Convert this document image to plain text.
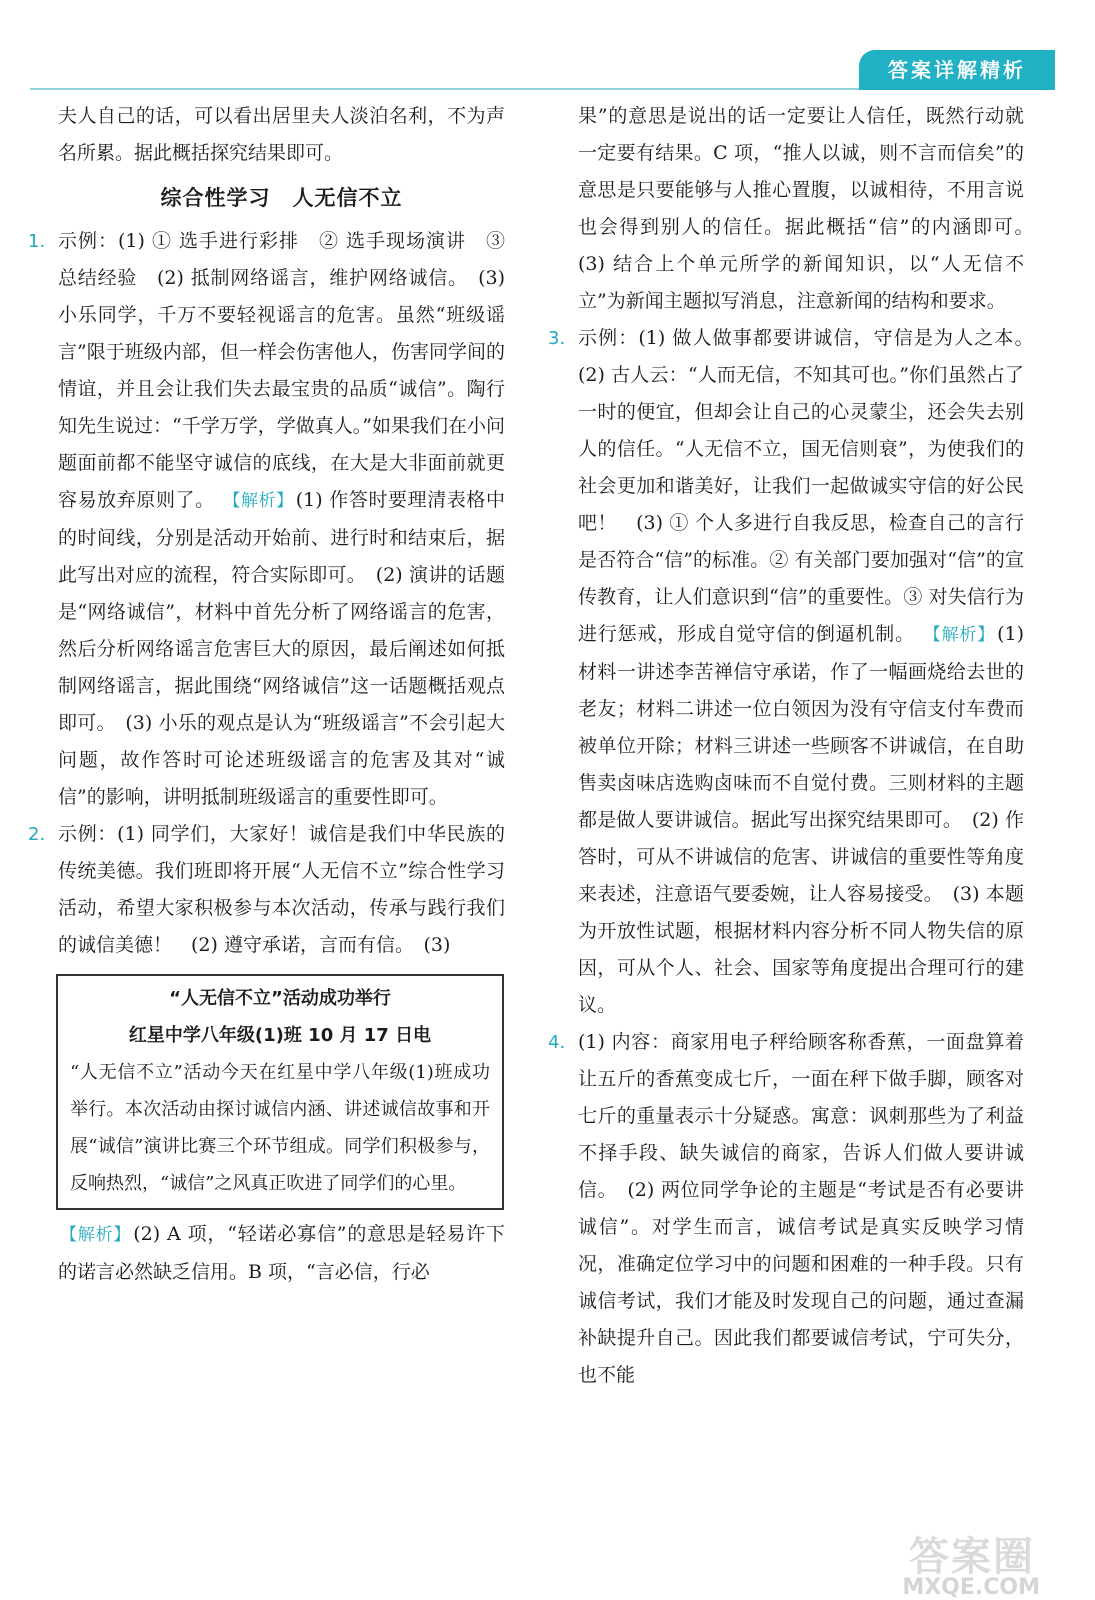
答案详解精析

夫人自己的话，可以看出居里夫人淡泊名利，不为声名所累。据此概括探究结果即可。

综合性学习　人无信不立
1. 示例：(1) ① 选手进行彩排　② 选手现场演讲　③ 总结经验　(2) 抵制网络谣言，维护网络诚信。　(3) 小乐同学，千万不要轻视谣言的危害。虽然“班级谣言”限于班级内部，但一样会伤害他人，伤害同学间的情谊，并且会让我们失去最宝贵的品质“诚信”。陶行知先生说过：“千学万学，学做真人。”如果我们在小问题面前都不能坚守诚信的底线，在大是大非面前就更容易放弃原则了。 【解析】 (1) 作答时要理清表格中的时间线，分别是活动开始前、进行时和结束后，据此写出对应的流程，符合实际即可。　(2) 演讲的话题是“网络诚信”，材料中首先分析了网络谣言的危害，然后分析网络谣言危害巨大的原因，最后阐述如何抵制网络谣言，据此围绕“网络诚信”这一话题概括观点即可。　(3) 小乐的观点是认为“班级谣言”不会引起大问题，故作答时可论述班级谣言的危害及其对“诚信”的影响，讲明抵制班级谣言的重要性即可。

2. 示例：(1) 同学们，大家好！诚信是我们中华民族的传统美德。我们班即将开展“人无信不立”综合性学习活动，希望大家积极参与本次活动，传承与践行我们的诚信美德！　(2) 遵守承诺，言而有信。　(3)

“人无信不立”活动成功举行
红星中学八年级(1)班 10 月 17 日电

“人无信不立”活动今天在红星中学八年级(1)班成功举行。本次活动由探讨诚信内涵、讲述诚信故事和开展“诚信”演讲比赛三个环节组成。同学们积极参与，反响热烈，“诚信”之风真正吹进了同学们的心里。

【解析】 (2) A 项，“轻诺必寡信”的意思是轻易许下的诺言必然缺乏信用。B 项，“言必信，行必

果”的意思是说出的话一定要让人信任，既然行动就一定要有结果。C 项，“推人以诚，则不言而信矣”的意思是只要能够与人推心置腹，以诚相待，不用言说也会得到别人的信任。据此概括“信”的内涵即可。　(3) 结合上个单元所学的新闻知识，以“人无信不立”为新闻主题拟写消息，注意新闻的结构和要求。

3. 示例：(1) 做人做事都要讲诚信，守信是为人之本。　(2) 古人云：“人而无信，不知其可也。”你们虽然占了一时的便宜，但却会让自己的心灵蒙尘，还会失去别人的信任。“人无信不立，国无信则衰”，为使我们的社会更加和谐美好，让我们一起做诚实守信的好公民吧！　(3) ① 个人多进行自我反思，检查自己的言行是否符合“信”的标准。② 有关部门要加强对“信”的宣传教育，让人们意识到“信”的重要性。③ 对失信行为进行惩戒，形成自觉守信的倒逼机制。 【解析】 (1) 材料一讲述李苦禅信守承诺，作了一幅画烧给去世的老友；材料二讲述一位白领因为没有守信支付车费而被单位开除；材料三讲述一些顾客不讲诚信，在自助售卖卤味店选购卤味而不自觉付费。三则材料的主题都是做人要讲诚信。据此写出探究结果即可。　(2) 作答时，可从不讲诚信的危害、讲诚信的重要性等角度来表述，注意语气要委婉，让人容易接受。　(3) 本题为开放性试题，根据材料内容分析不同人物失信的原因，可从个人、社会、国家等角度提出合理可行的建议。

4. (1) 内容：商家用电子秤给顾客称香蕉，一面盘算着让五斤的香蕉变成七斤，一面在秤下做手脚，顾客对七斤的重量表示十分疑惑。寓意：讽刺那些为了利益不择手段、缺失诚信的商家，告诉人们做人要讲诚信。　(2) 两位同学争论的主题是“考试是否有必要讲诚信”。对学生而言，诚信考试是真实反映学习情况，准确定位学习中的问题和困难的一种手段。只有诚信考试，我们才能及时发现自己的问题，通过查漏补缺提升自己。因此我们都要诚信考试，宁可失分，也不能

答案圈
MXQE.COM
